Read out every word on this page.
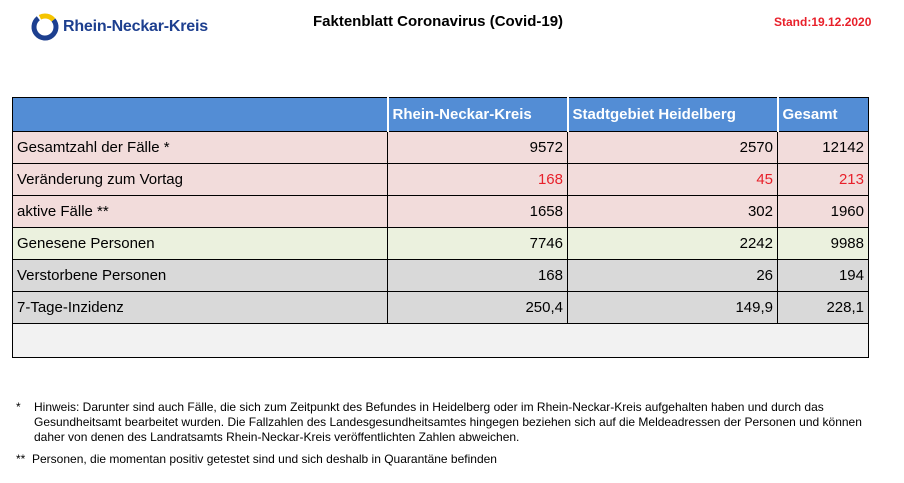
Rhein-Neckar-Kreis	Faktenblatt Coronavirus (Covid-19)	Stand:19.12.2020
	Rhein-Neckar-Kreis	Stadtgebiet Heidelberg	Gesamt
Gesamtzahl der Fälle *	9572	2570	12142
Veränderung zum Vortag	168	45	213
aktive Fälle **	1658	302	1960
Genesene Personen	7746	2242	9988
Verstorbene Personen	168	26	194
7-Tage-Inzidenz	250,4	149,9	228,1

*	Hinweis: Darunter sind auch Fälle, die sich zum Zeitpunkt des Befundes in Heidelberg oder im Rhein-Neckar-Kreis aufgehalten haben und durch das Gesundheitsamt bearbeitet wurden. Die Fallzahlen des Landesgesundheitsamtes hingegen beziehen sich auf die Meldeadressen der Personen und können daher von denen des Landratsamts Rhein-Neckar-Kreis veröffentlichten Zahlen abweichen.
** Personen, die momentan positiv getestet sind und sich deshalb in Quarantäne befinden
